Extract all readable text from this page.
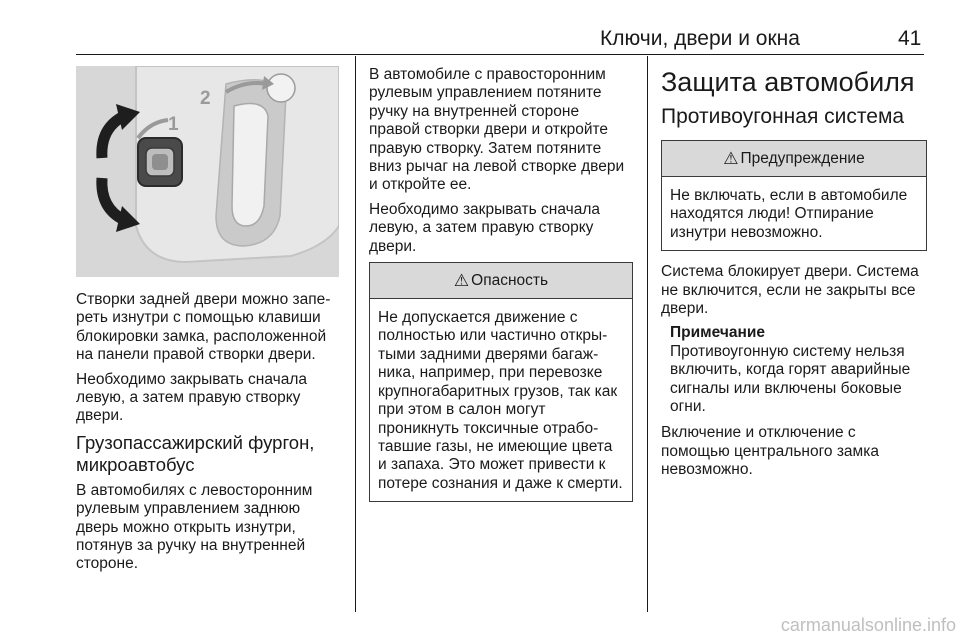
Ключи, двери и окна	41
2
1

Створки задней двери можно запе-реть изнутри с помощью клавиши блокировки замка, расположенной на панели правой створки двери.

Необходимо закрывать сначала левую, а затем правую створку двери.

Грузопассажирский фургон, микроавтобус

В автомобилях с левосторонним рулевым управлением заднюю дверь можно открыть изнутри, потянув за ручку на внутренней стороне.

В автомобиле с правосторонним рулевым управлением потяните ручку на внутренней стороне правой створки двери и откройте правую створку. Затем потяните вниз рычаг на левой створке двери и откройте ее.

Необходимо закрывать сначала левую, а затем правую створку двери.

⚠ Опасность

Не допускается движение с полностью или частично откры-тыми задними дверями багаж-ника, например, при перевозке крупногабаритных грузов, так как при этом в салон могут проникнуть токсичные отрабо-тавшие газы, не имеющие цвета и запаха. Это может привести к потере сознания и даже к смерти.

Защита автомобиля
Противоугонная система
⚠ Предупреждение

Не включать, если в автомобиле находятся люди! Отпирание изнутри невозможно.

Система блокирует двери. Система не включится, если не закрыты все двери.

Примечание

Противоугонную систему нельзя включить, когда горят аварийные сигналы или включены боковые огни.

Включение и отключение с помощью центрального замка невозможно.

carmanualsonline.info
